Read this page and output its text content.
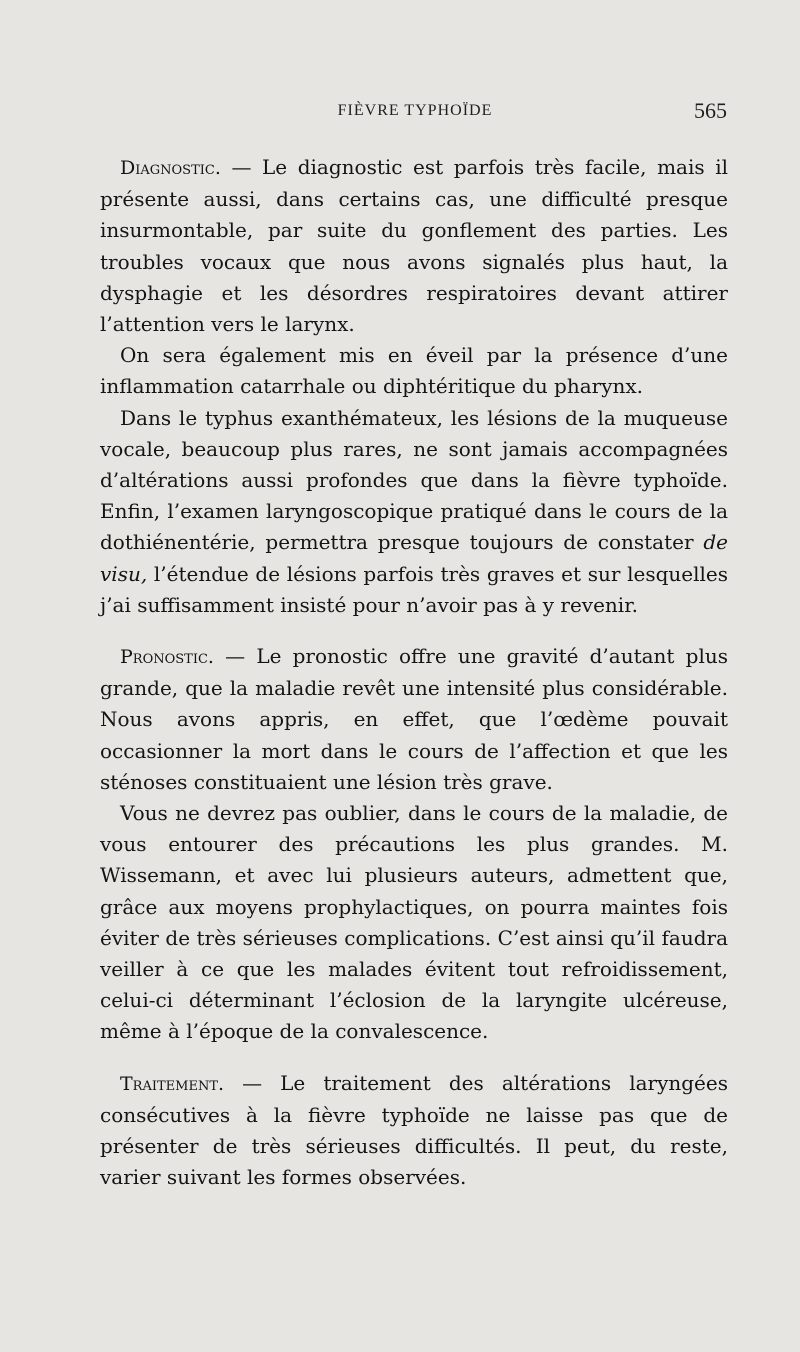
FIÈVRE TYPHOÏDE	565

Diagnostic. — Le diagnostic est parfois très facile, mais il présente aussi, dans certains cas, une difficulté presque insurmontable, par suite du gonflement des parties. Les troubles vocaux que nous avons signalés plus haut, la dysphagie et les désordres respiratoires devant attirer l’attention vers le larynx.

On sera également mis en éveil par la présence d’une inflammation catarrhale ou diphtéritique du pharynx.

Dans le typhus exanthémateux, les lésions de la muqueuse vocale, beaucoup plus rares, ne sont jamais accompagnées d’altérations aussi profondes que dans la fièvre typhoïde. Enfin, l’examen laryngoscopique pratiqué dans le cours de la dothiénentérie, permettra presque toujours de constater de visu, l’étendue de lésions parfois très graves et sur lesquelles j’ai suffisamment insisté pour n’avoir pas à y revenir.

Pronostic. — Le pronostic offre une gravité d’autant plus grande, que la maladie revêt une intensité plus considérable. Nous avons appris, en effet, que l’œdème pouvait occasionner la mort dans le cours de l’affection et que les sténoses constituaient une lésion très grave.

Vous ne devrez pas oublier, dans le cours de la maladie, de vous entourer des précautions les plus grandes. M. Wissemann, et avec lui plusieurs auteurs, admettent que, grâce aux moyens prophylactiques, on pourra maintes fois éviter de très sérieuses complications. C’est ainsi qu’il faudra veiller à ce que les malades évitent tout refroidissement, celui-ci déterminant l’éclosion de la laryngite ulcéreuse, même à l’époque de la convalescence.

Traitement. — Le traitement des altérations laryngées consécutives à la fièvre typhoïde ne laisse pas que de présenter de très sérieuses difficultés. Il peut, du reste, varier suivant les formes observées.
